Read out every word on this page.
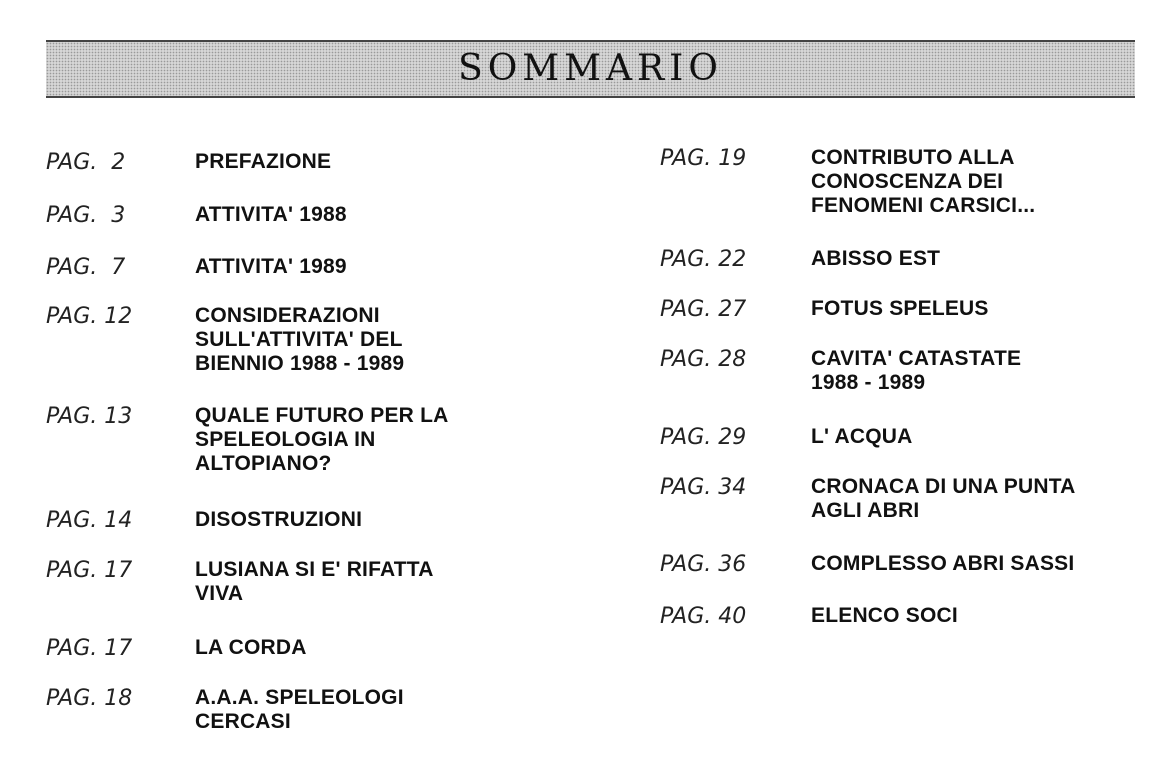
SOMMARIO
PAG.  2	PREFAZIONE
PAG.  3	ATTIVITA' 1988
PAG.  7	ATTIVITA' 1989
PAG. 12	CONSIDERAZIONI
SULL'ATTIVITA' DEL
BIENNIO 1988 - 1989
PAG. 13	QUALE FUTURO PER LA
SPELEOLOGIA IN
ALTOPIANO?
PAG. 14	DISOSTRUZIONI
PAG. 17	LUSIANA SI E' RIFATTA
VIVA
PAG. 17	LA CORDA
PAG. 18	A.A.A. SPELEOLOGI
CERCASI
PAG. 19	CONTRIBUTO ALLA
CONOSCENZA DEI
FENOMENI CARSICI...
PAG. 22	ABISSO EST
PAG. 27	FOTUS SPELEUS
PAG. 28	CAVITA' CATASTATE
1988 - 1989
PAG. 29	L' ACQUA
PAG. 34	CRONACA DI UNA PUNTA
AGLI ABRI
PAG. 36	COMPLESSO ABRI SASSI
PAG. 40	ELENCO SOCI
